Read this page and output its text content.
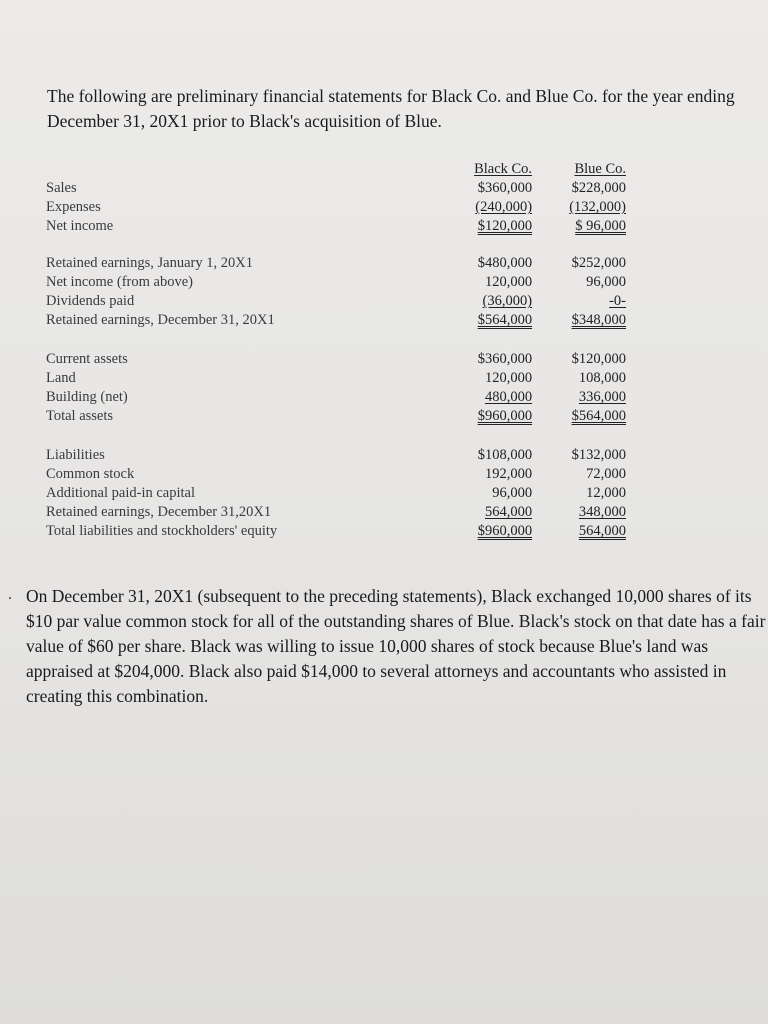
The following are preliminary financial statements for Black Co. and Blue Co. for the year ending December 31, 20X1 prior to Black's acquisition of Blue.

	Black Co.	Blue Co.
Sales	$360,000	$228,000
Expenses	(240,000)	(132,000)
Net income	$120,000	$ 96,000

Retained earnings, January 1, 20X1	$480,000	$252,000
Net income (from above)	120,000	96,000
Dividends paid	(36,000)	-0-
Retained earnings, December 31, 20X1	$564,000	$348,000

Current assets	$360,000	$120,000
Land	120,000	108,000
Building (net)	480,000	336,000
Total assets	$960,000	$564,000

Liabilities	$108,000	$132,000
Common stock	192,000	72,000
Additional paid-in capital	96,000	12,000
Retained earnings, December 31,20X1	564,000	348,000
Total liabilities and stockholders' equity	$960,000	564,000
. On December 31, 20X1 (subsequent to the preceding statements), Black exchanged 10,000 shares of its $10 par value common stock for all of the outstanding shares of Blue. Black's stock on that date has a fair value of $60 per share. Black was willing to issue 10,000 shares of stock because Blue's land was appraised at $204,000. Black also paid $14,000 to several attorneys and accountants who assisted in creating this combination.
